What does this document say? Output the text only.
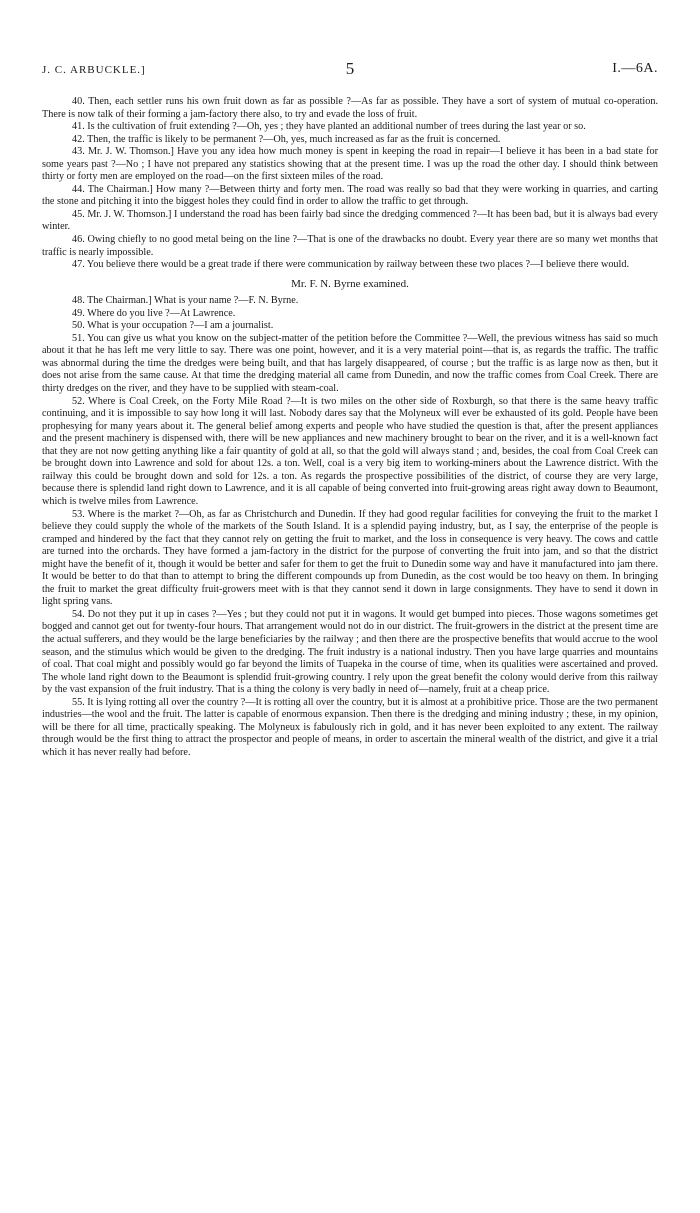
J. C. ARBUCKLE.]	5	I.—6A.

40. Then, each settler runs his own fruit down as far as possible ?—As far as possible. They have a sort of system of mutual co-operation. There is now talk of their forming a jam-factory there also, to try and evade the loss of fruit.

41. Is the cultivation of fruit extending ?—Oh, yes ; they have planted an additional number of trees during the last year or so.

42. Then, the traffic is likely to be permanent ?—Oh, yes, much increased as far as the fruit is concerned.

43. Mr. J. W. Thomson.] Have you any idea how much money is spent in keeping the road in repair—I believe it has been in a bad state for some years past ?—No ; I have not prepared any statistics showing that at the present time. I was up the road the other day. I should think between thirty or forty men are employed on the road—on the first sixteen miles of the road.

44. The Chairman.] How many ?—Between thirty and forty men. The road was really so bad that they were working in quarries, and carting the stone and pitching it into the biggest holes they could find in order to allow the traffic to get through.

45. Mr. J. W. Thomson.] I understand the road has been fairly bad since the dredging commenced ?—It has been bad, but it is always bad every winter.

46. Owing chiefly to no good metal being on the line ?—That is one of the drawbacks no doubt. Every year there are so many wet months that traffic is nearly impossible.

47. You believe there would be a great trade if there were communication by railway between these two places ?—I believe there would.

Mr. F. N. Byrne examined.

48. The Chairman.] What is your name ?—F. N. Byrne.

49. Where do you live ?—At Lawrence.

50. What is your occupation ?—I am a journalist.

51. You can give us what you know on the subject-matter of the petition before the Committee ?—Well, the previous witness has said so much about it that he has left me very little to say. There was one point, however, and it is a very material point—that is, as regards the traffic. The traffic was abnormal during the time the dredges were being built, and that has largely disappeared, of course ; but the traffic is as large now as then, but it does not arise from the same cause. At that time the dredging material all came from Dunedin, and now the traffic comes from Coal Creek. There are thirty dredges on the river, and they have to be supplied with steam-coal.

52. Where is Coal Creek, on the Forty Mile Road ?—It is two miles on the other side of Roxburgh, so that there is the same heavy traffic continuing, and it is impossible to say how long it will last. Nobody dares say that the Molyneux will ever be exhausted of its gold. People have been prophesying for many years about it. The general belief among experts and people who have studied the question is that, after the present appliances and the present machinery is dispensed with, there will be new appliances and new machinery brought to bear on the river, and it is a well-known fact that they are not now getting anything like a fair quantity of gold at all, so that the gold will always stand ; and, besides, the coal from Coal Creek can be brought down into Lawrence and sold for about 12s. a ton. Well, coal is a very big item to working-miners about the Lawrence district. With the railway this could be brought down and sold for 12s. a ton. As regards the prospective possibilities of the district, of course they are very large, because there is splendid land right down to Lawrence, and it is all capable of being converted into fruit-growing areas right away down to Beaumont, which is twelve miles from Lawrence.

53. Where is the market ?—Oh, as far as Christchurch and Dunedin. If they had good regular facilities for conveying the fruit to the market I believe they could supply the whole of the markets of the South Island. It is a splendid paying industry, but, as I say, the enterprise of the people is cramped and hindered by the fact that they cannot rely on getting the fruit to market, and the loss in consequence is very heavy. The cows and cattle are turned into the orchards. They have formed a jam-factory in the district for the purpose of converting the fruit into jam, and so that the district might have the benefit of it, though it would be better and safer for them to get the fruit to Dunedin some way and have it manufactured into jam there. It would be better to do that than to attempt to bring the different compounds up from Dunedin, as the cost would be too heavy on them. In bringing the fruit to market the great difficulty fruit-growers meet with is that they cannot send it down in large consignments. They have to send it down in light spring vans.

54. Do not they put it up in cases ?—Yes ; but they could not put it in wagons. It would get bumped into pieces. Those wagons sometimes get bogged and cannot get out for twenty-four hours. That arrangement would not do in our district. The fruit-growers in the district at the present time are the actual sufferers, and they would be the large beneficiaries by the railway ; and then there are the prospective benefits that would accrue to the wool season, and the stimulus which would be given to the dredging. The fruit industry is a national industry. Then you have large quarries and mountains of coal. That coal might and possibly would go far beyond the limits of Tuapeka in the course of time, when its qualities were ascertained and proved. The whole land right down to the Beaumont is splendid fruit-growing country. I rely upon the great benefit the colony would derive from this railway by the vast expansion of the fruit industry. That is a thing the colony is very badly in need of—namely, fruit at a cheap price.

55. It is lying rotting all over the country ?—It is rotting all over the country, but it is almost at a prohibitive price. Those are the two permanent industries—the wool and the fruit. The latter is capable of enormous expansion. Then there is the dredging and mining industry ; these, in my opinion, will be there for all time, practically speaking. The Molyneux is fabulously rich in gold, and it has never been exploited to any extent. The railway through would be the first thing to attract the prospector and people of means, in order to ascertain the mineral wealth of the district, and give it a trial which it has never really had before.
